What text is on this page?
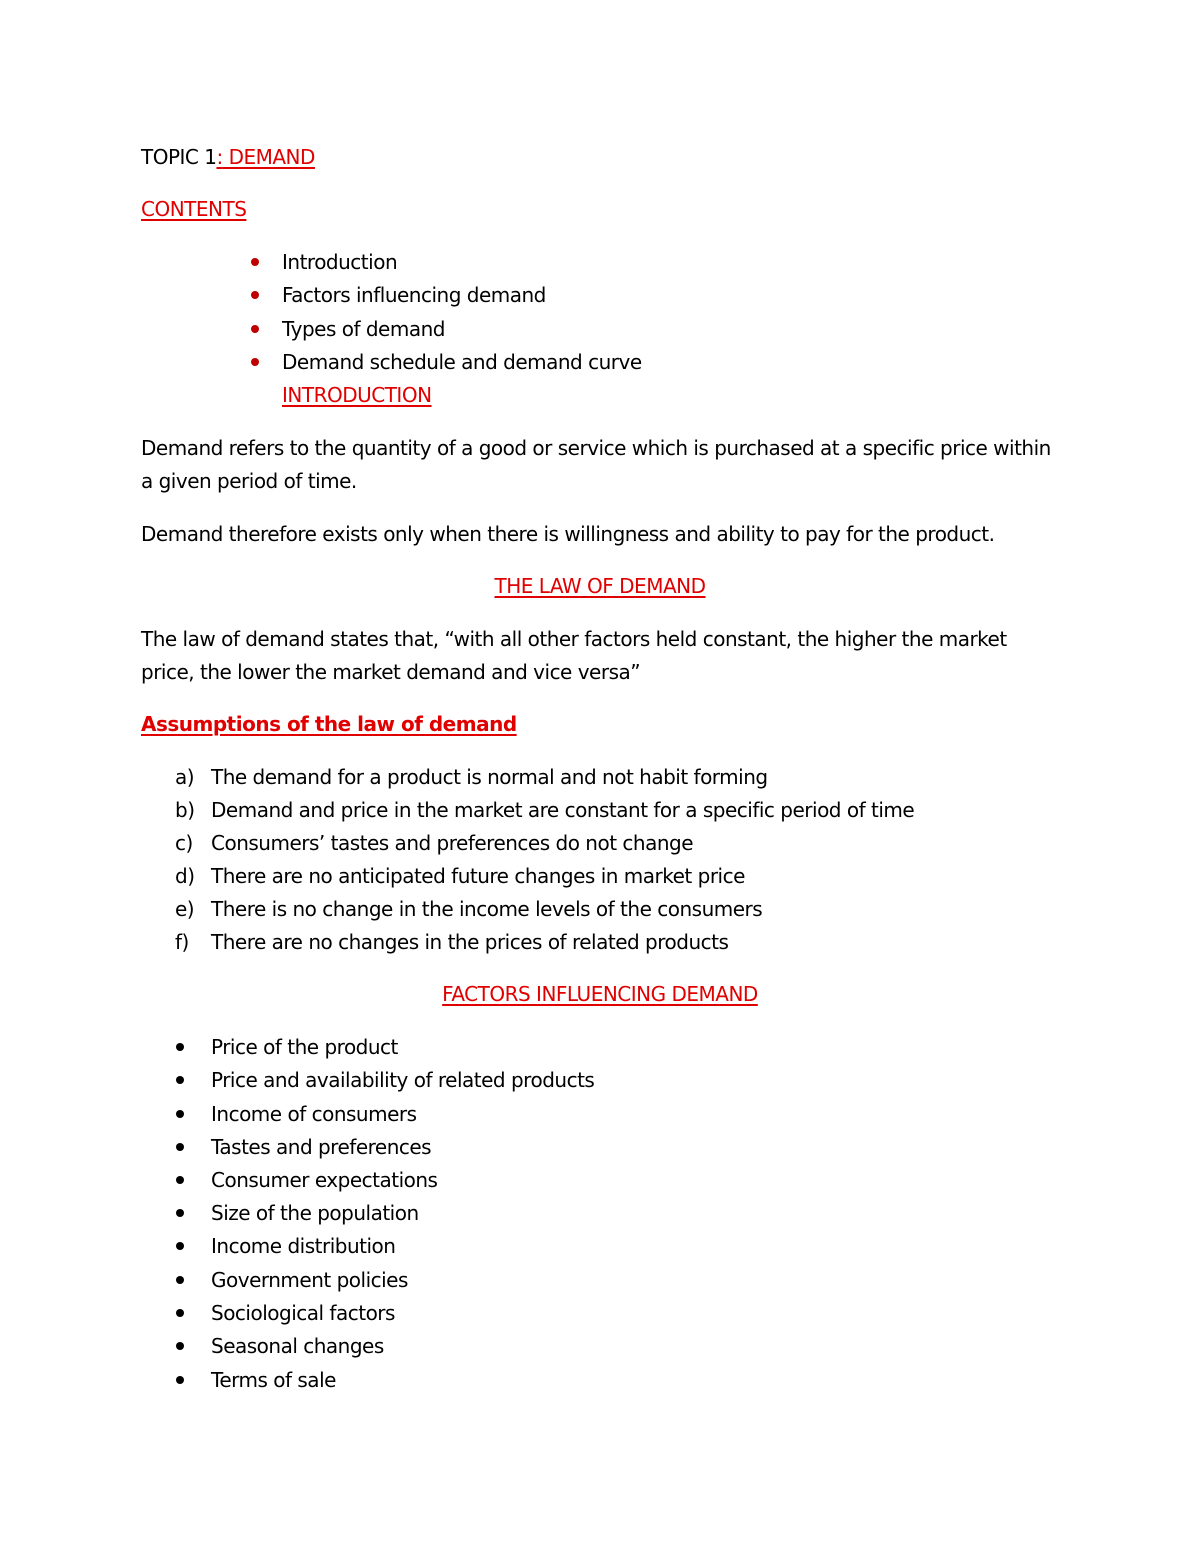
TOPIC 1: DEMAND
CONTENTS
Introduction
Factors influencing demand
Types of demand
Demand schedule and demand curve
INTRODUCTION
Demand refers to the quantity of a good or service which is purchased at a specific price within
a given period of time.
Demand therefore exists only when there is willingness and ability to pay for the product.
THE LAW OF DEMAND
The law of demand states that, “with all other factors held constant, the higher the market
price, the lower the market demand and vice versa”
Assumptions of the law of demand
a) The demand for a product is normal and not habit forming
b) Demand and price in the market are constant for a specific period of time
c) Consumers’ tastes and preferences do not change
d) There are no anticipated future changes in market price
e) There is no change in the income levels of the consumers
f) There are no changes in the prices of related products
FACTORS INFLUENCING DEMAND
Price of the product
Price and availability of related products
Income of consumers
Tastes and preferences
Consumer expectations
Size of the population
Income distribution
Government policies
Sociological factors
Seasonal changes
Terms of sale
